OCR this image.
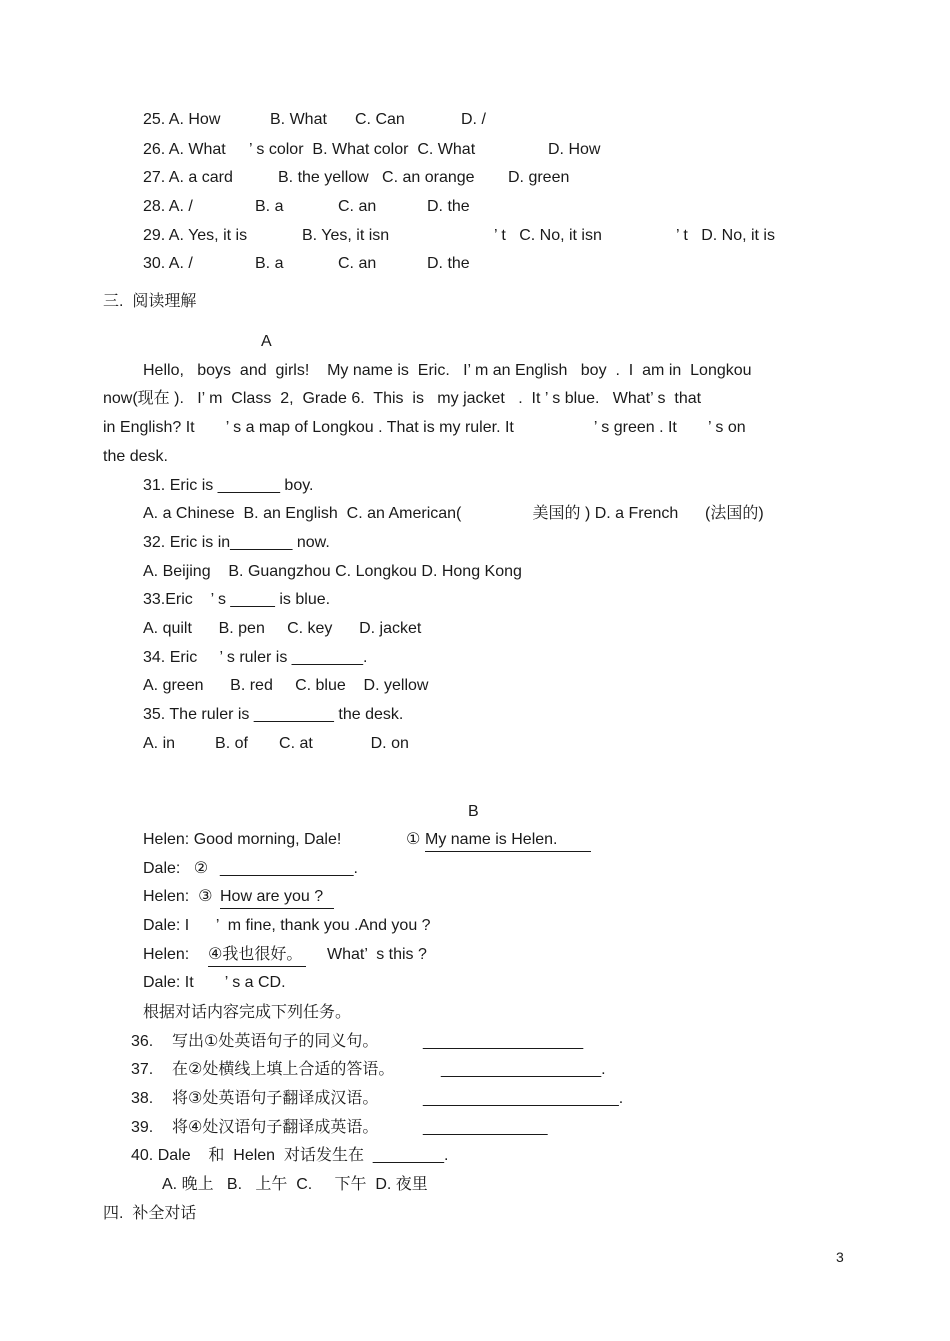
25. A. How	B. What C. Can	D. /
26. A. What ’ s color  B. What color  C. What	D. How
27. A. a card	B. the yellow   C. an orange D. green
28. A. /	B. a	C. an	D. the
29. A. Yes, it is	B. Yes, it isn	’ t   C. No, it isn	’ t   D. No, it is
30. A. /	B. a	C. an	D. the
三.  阅读理解
A
Hello,   boys  and  girls!    My name is  Eric.   I’ m an English   boy  .  I  am in  Longkou
now(现在 ).   I’ m  Class  2,  Grade 6.  This  is   my jacket   .  It ’ s blue.   What’ s  that
in English? It       ’ s a map of Longkou . That is my ruler. It                  ’ s green . It       ’ s on
the desk.
31. Eric is _______ boy.
A. a Chinese  B. an English  C. an American(                美国的 ) D. a French      (法国的)
32. Eric is in_______ now.
A. Beijing    B. Guangzhou C. Longkou D. Hong Kong
33.Eric    ’ s _____ is blue.
A. quilt      B. pen     C. key      D. jacket
34. Eric     ’ s ruler is ________.
A. green      B. red     C. blue    D. yellow
35. The ruler is _________ the desk.
A. in         B. of       C. at             D. on
B
Helen: Good morning, Dale!	① My name is Helen.
Dale:   ② _______________.
Helen:  ③ How are you ?
Dale: I      ’  m fine, thank you .And you ?
Helen: ④我也很好。 What’  s this ?
Dale: It       ’ s a CD.
根据对话内容完成下列任务。
36. 写出①处英语句子的同义句。	__________________
37. 在②处横线上填上合适的答语。	__________________.
38. 将③处英语句子翻译成汉语。	______________________.
39. 将④处汉语句子翻译成英语。	______________
40. Dale    和  Helen  对话发生在  ________.
A. 晚上   B.   上午  C.     下午  D. 夜里
四.  补全对话
3
